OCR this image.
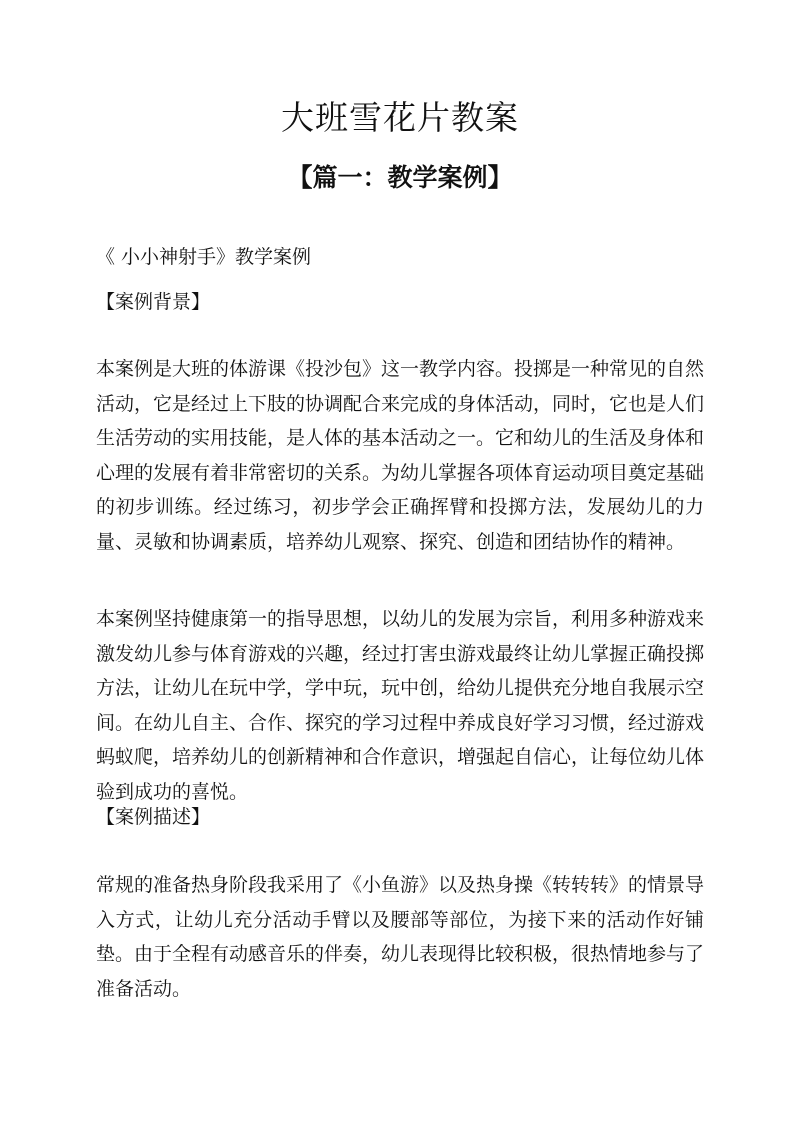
大班雪花片教案
【篇一：教学案例】

《 小小神射手》教学案例

【案例背景】

本案例是大班的体游课《投沙包》这一教学内容。投掷是一种常见的自然活动，它是经过上下肢的协调配合来完成的身体活动，同时，它也是人们生活劳动的实用技能，是人体的基本活动之一。它和幼儿的生活及身体和心理的发展有着非常密切的关系。为幼儿掌握各项体育运动项目奠定基础的初步训练。经过练习，初步学会正确挥臂和投掷方法，发展幼儿的力量、灵敏和协调素质，培养幼儿观察、探究、创造和团结协作的精神。

本案例坚持健康第一的指导思想，以幼儿的发展为宗旨，利用多种游戏来激发幼儿参与体育游戏的兴趣，经过打害虫游戏最终让幼儿掌握正确投掷方法，让幼儿在玩中学，学中玩，玩中创，给幼儿提供充分地自我展示空间。在幼儿自主、合作、探究的学习过程中养成良好学习习惯，经过游戏蚂蚁爬，培养幼儿的创新精神和合作意识，增强起自信心，让每位幼儿体验到成功的喜悦。

【案例描述】

常规的准备热身阶段我采用了《小鱼游》以及热身操《转转转》的情景导入方式，让幼儿充分活动手臂以及腰部等部位，为接下来的活动作好铺垫。由于全程有动感音乐的伴奏，幼儿表现得比较积极，很热情地参与了准备活动。
